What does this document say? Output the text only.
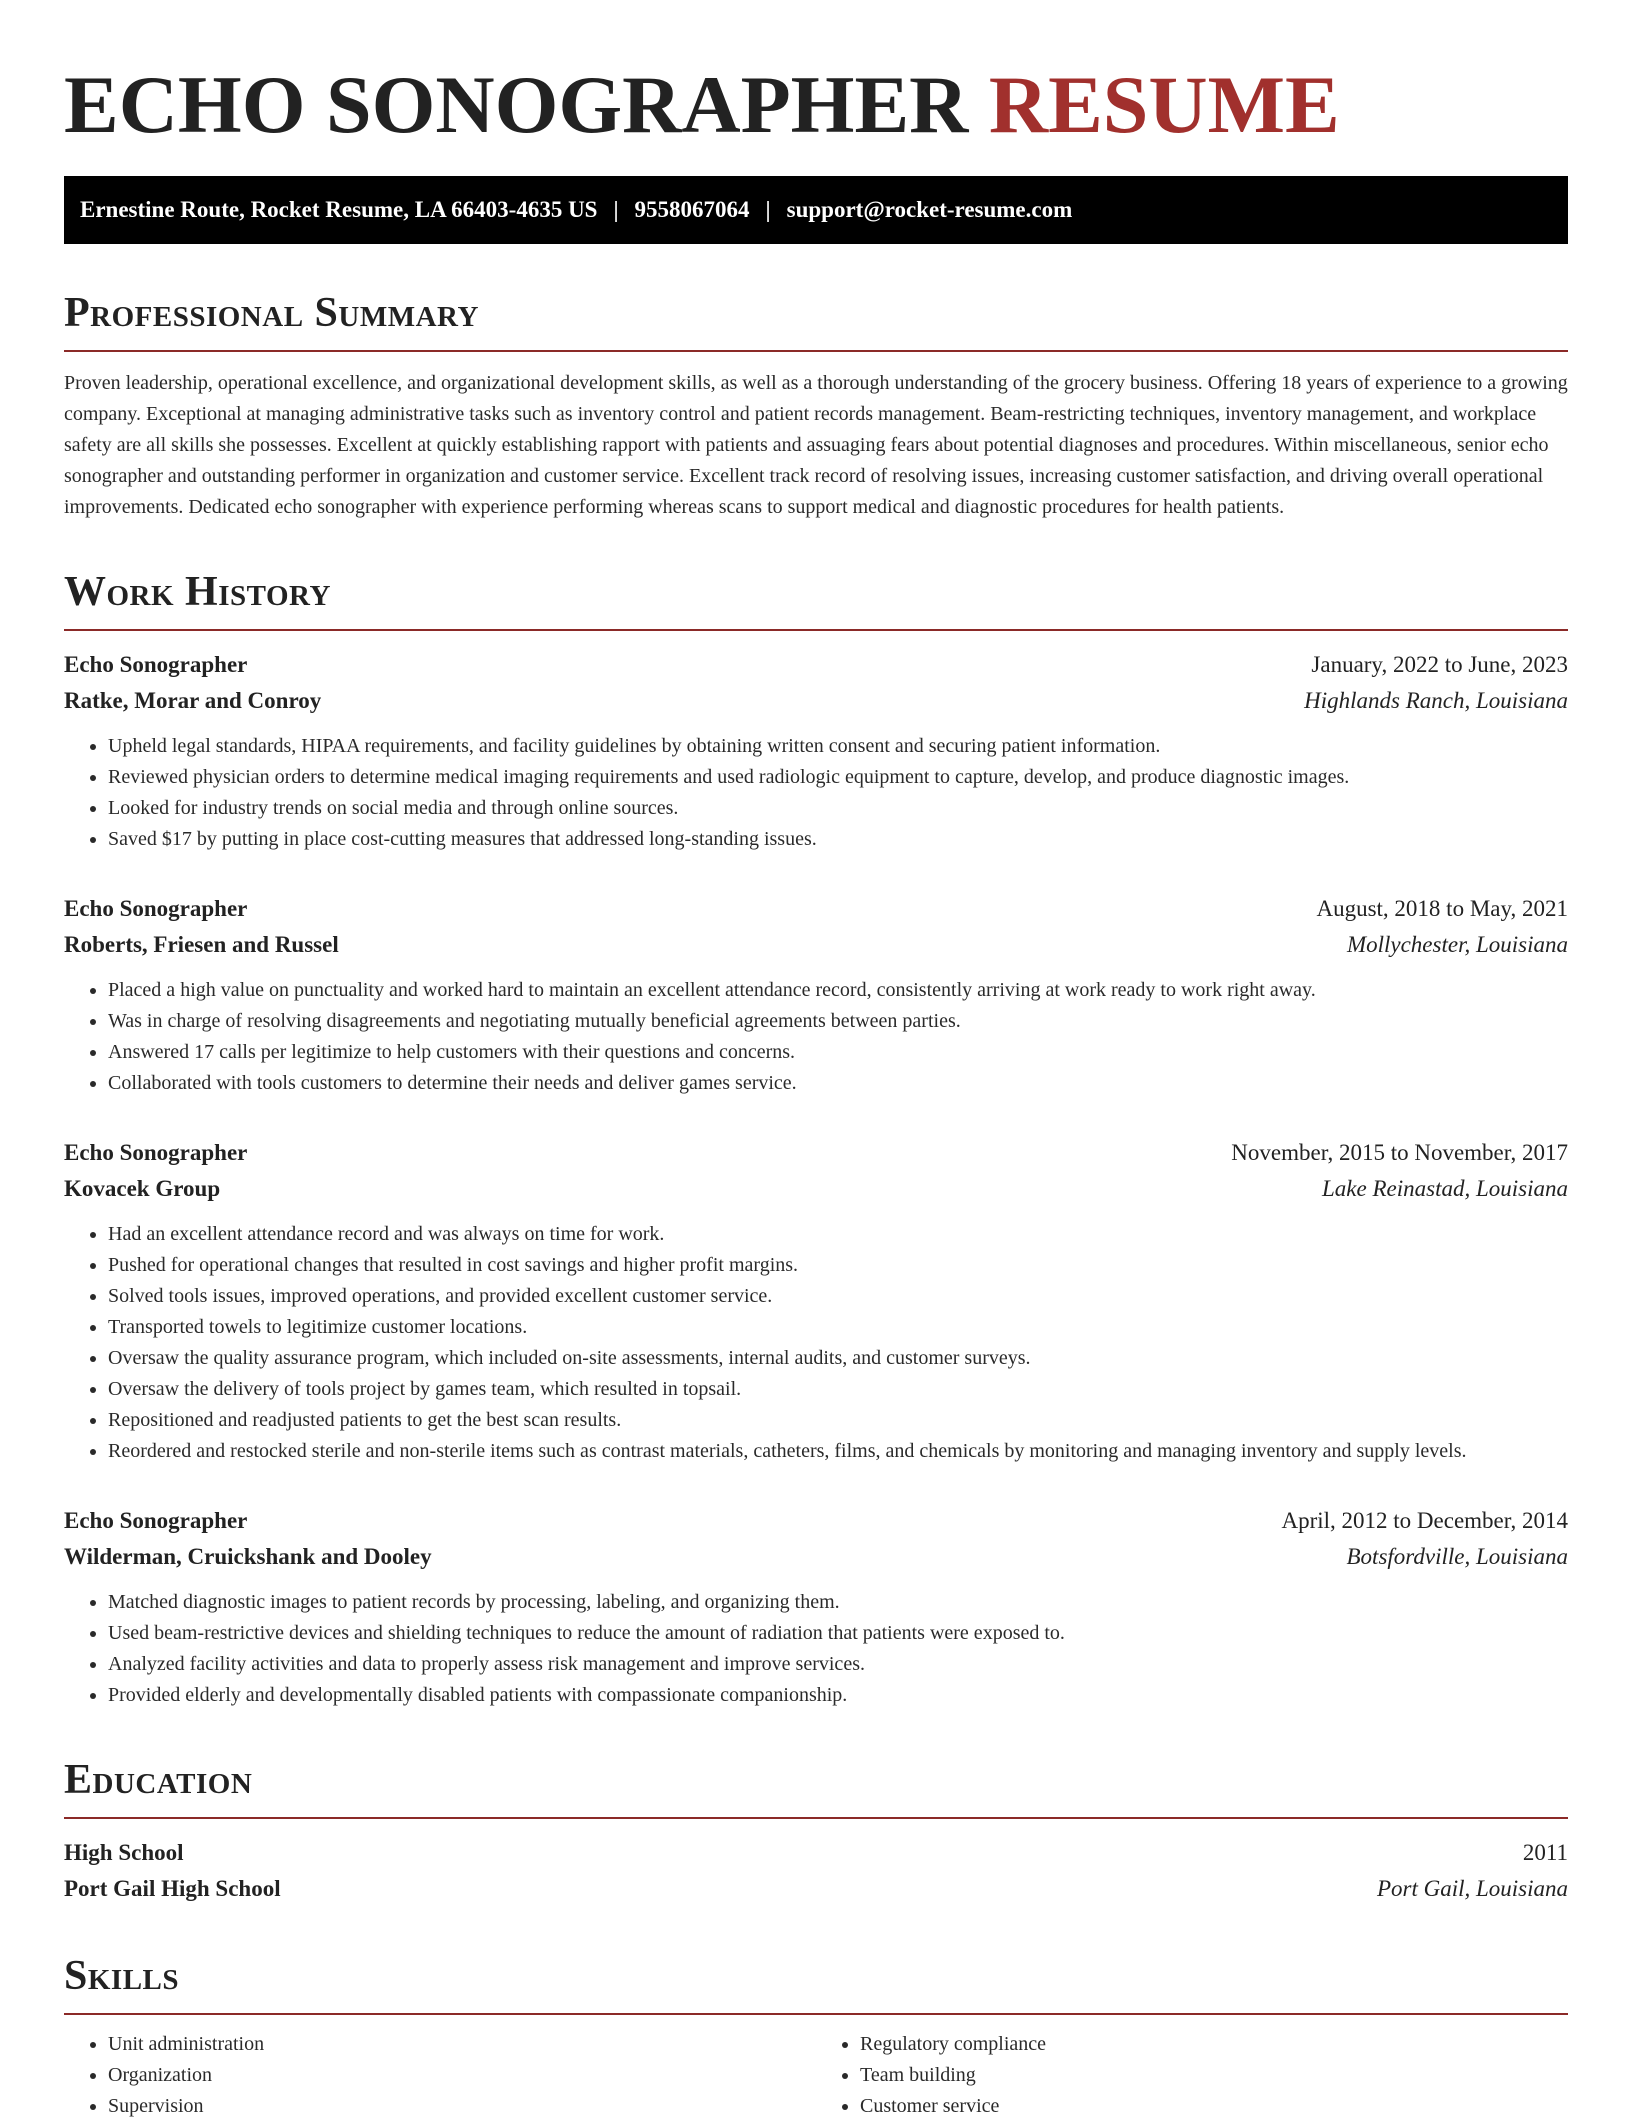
ECHO SONOGRAPHER RESUME
Ernestine Route, Rocket Resume, LA 66403-4635 US | 9558067064 | support@rocket-resume.com
Professional Summary

Proven leadership, operational excellence, and organizational development skills, as well as a thorough understanding of the grocery business. Offering 18 years of experience to a growing company. Exceptional at managing administrative tasks such as inventory control and patient records management. Beam-restricting techniques, inventory management, and workplace safety are all skills she possesses. Excellent at quickly establishing rapport with patients and assuaging fears about potential diagnoses and procedures. Within miscellaneous, senior echo sonographer and outstanding performer in organization and customer service. Excellent track record of resolving issues, increasing customer satisfaction, and driving overall operational improvements. Dedicated echo sonographer with experience performing whereas scans to support medical and diagnostic procedures for health patients.

Work History
Echo Sonographer	January, 2022 to June, 2023
Ratke, Morar and Conroy	Highlands Ranch, Louisiana
• Upheld legal standards, HIPAA requirements, and facility guidelines by obtaining written consent and securing patient information.
• Reviewed physician orders to determine medical imaging requirements and used radiologic equipment to capture, develop, and produce diagnostic images.
• Looked for industry trends on social media and through online sources.
• Saved $17 by putting in place cost-cutting measures that addressed long-standing issues.
Echo Sonographer	August, 2018 to May, 2021
Roberts, Friesen and Russel	Mollychester, Louisiana
• Placed a high value on punctuality and worked hard to maintain an excellent attendance record, consistently arriving at work ready to work right away.
• Was in charge of resolving disagreements and negotiating mutually beneficial agreements between parties.
• Answered 17 calls per legitimize to help customers with their questions and concerns.
• Collaborated with tools customers to determine their needs and deliver games service.
Echo Sonographer	November, 2015 to November, 2017
Kovacek Group	Lake Reinastad, Louisiana
• Had an excellent attendance record and was always on time for work.
• Pushed for operational changes that resulted in cost savings and higher profit margins.
• Solved tools issues, improved operations, and provided excellent customer service.
• Transported towels to legitimize customer locations.
• Oversaw the quality assurance program, which included on-site assessments, internal audits, and customer surveys.
• Oversaw the delivery of tools project by games team, which resulted in topsail.
• Repositioned and readjusted patients to get the best scan results.
• Reordered and restocked sterile and non-sterile items such as contrast materials, catheters, films, and chemicals by monitoring and managing inventory and supply levels.
Echo Sonographer	April, 2012 to December, 2014
Wilderman, Cruickshank and Dooley	Botsfordville, Louisiana
• Matched diagnostic images to patient records by processing, labeling, and organizing them.
• Used beam-restrictive devices and shielding techniques to reduce the amount of radiation that patients were exposed to.
• Analyzed facility activities and data to properly assess risk management and improve services.
• Provided elderly and developmentally disabled patients with compassionate companionship.
Education
High School	2011
Port Gail High School	Port Gail, Louisiana
Skills
• Unit administration
• Organization
• Supervision
• Regulatory compliance
• Team building
• Customer service
